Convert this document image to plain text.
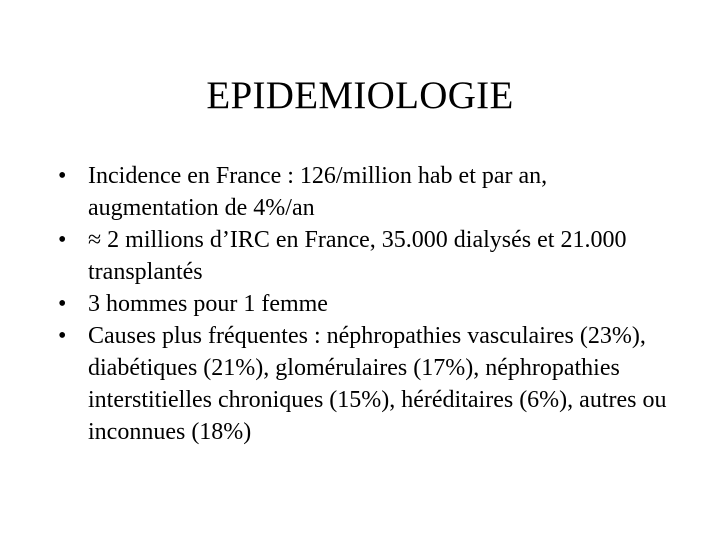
EPIDEMIOLOGIE
• Incidence en France : 126/million hab et par an, augmentation de 4%/an
• ≈ 2 millions d’IRC en France, 35.000 dialysés et 21.000 transplantés
• 3 hommes pour 1 femme
• Causes plus fréquentes : néphropathies vasculaires (23%), diabétiques (21%), glomérulaires (17%), néphropathies interstitielles chroniques (15%), héréditaires (6%), autres ou inconnues (18%)
